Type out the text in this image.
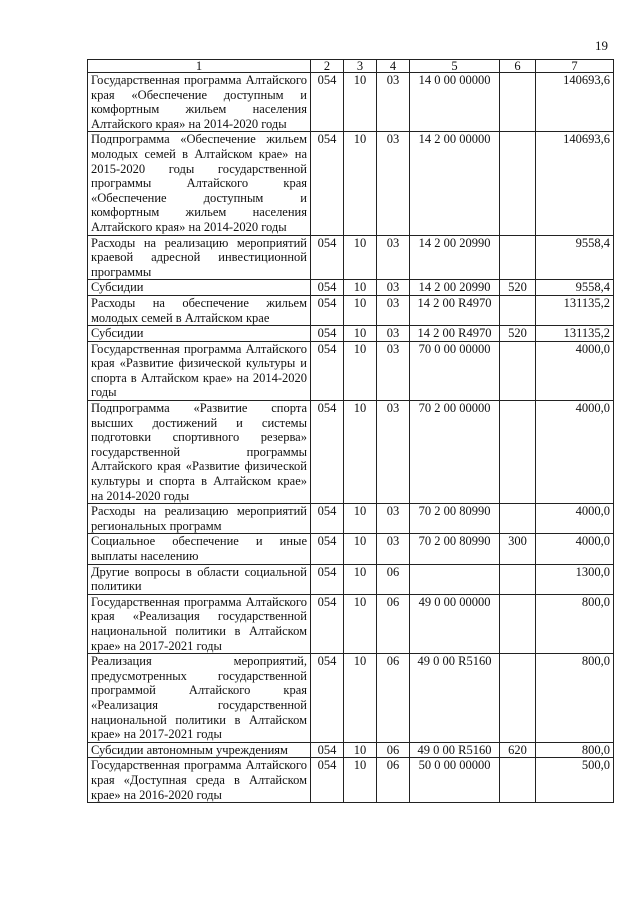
19
1	2	3	4	5	6	7
Государственная программа Алтайского края «Обеспечение доступным и комфортным жильем населения Алтайского края» на 2014-2020 годы	054	10	03	14 0 00 00000		140693,6
Подпрограмма «Обеспечение жильем молодых семей в Алтайском крае» на 2015-2020 годы государственной программы Алтайского края «Обеспечение доступным и комфортным жильем населения Алтайского края» на 2014-2020 годы	054	10	03	14 2 00 00000		140693,6
Расходы на реализацию мероприятий краевой адресной инвестиционной программы	054	10	03	14 2 00 20990		9558,4
Субсидии	054	10	03	14 2 00 20990	520	9558,4
Расходы на обеспечение жильем молодых семей в Алтайском крае	054	10	03	14 2 00 R4970		131135,2
Субсидии	054	10	03	14 2 00 R4970	520	131135,2
Государственная программа Алтайского края «Развитие физической культуры и спорта в Алтайском крае» на 2014-2020 годы	054	10	03	70 0 00 00000		4000,0
Подпрограмма «Развитие спорта высших достижений и системы подготовки спортивного резерва» государственной программы Алтайского края «Развитие физической культуры и спорта в Алтайском крае» на 2014-2020 годы	054	10	03	70 2 00 00000		4000,0
Расходы на реализацию мероприятий региональных программ	054	10	03	70 2 00 80990		4000,0
Социальное обеспечение и иные выплаты населению	054	10	03	70 2 00 80990	300	4000,0
Другие вопросы в области социальной политики	054	10	06			1300,0
Государственная программа Алтайского края «Реализация государственной национальной политики в Алтайском крае» на 2017-2021 годы	054	10	06	49 0 00 00000		800,0
Реализация мероприятий, предусмотренных государственной программой Алтайского края «Реализация государственной национальной политики в Алтайском крае» на 2017-2021 годы	054	10	06	49 0 00 R5160		800,0
Субсидии автономным учреждениям	054	10	06	49 0 00 R5160	620	800,0
Государственная программа Алтайского края «Доступная среда в Алтайском крае» на 2016-2020 годы	054	10	06	50 0 00 00000		500,0
